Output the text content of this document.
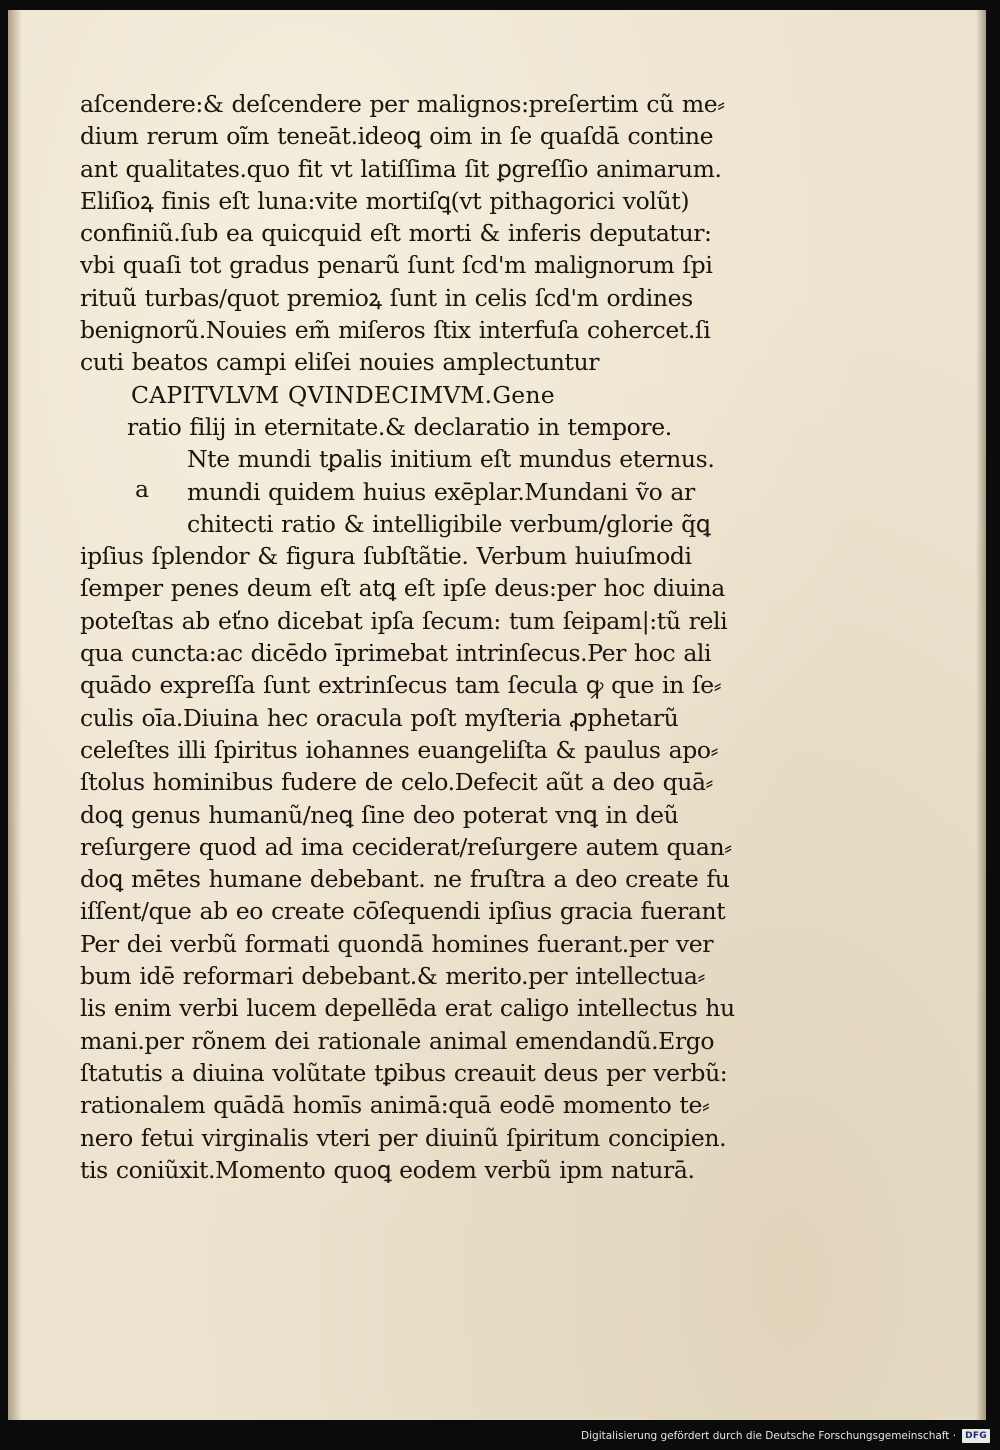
aſcendere:& deſcendere per malignos:preſertim cũ me⸗
dium rerum oĩm teneāt.ideoꝗ oim in ſe quaſdā contine
ant qualitates.quo fit vt latiſſima ſit ꝑgreſſio animarum.
Eliſioꝝ finis eſt luna:vite mortiſꝗ(vt pithagorici volũt)
confiniũ.ſub ea quicquid eſt morti & inferis deputatur:
vbi quaſi tot gradus penarũ ſunt ſcd'm malignorum ſpi
rituũ turbas/quot premioꝝ ſunt in celis ſcd'm ordines
benignorũ.Nouies em̃ miſeros ſtix interfuſa cohercet.ſi
cuti beatos campi eliſei nouies amplectuntur
CAPITVLVM QVINDECIMVM.Gene
ratio filij in eternitate.& declaratio in tempore.
Nte mundi tꝑalis initium eſt mundus eternus.
mundi quidem huius exēplar.Mundani ṽo ar
chitecti ratio & intelligibile verbum/glorie q̃ꝗ
ipſius ſplendor & figura ſubſtãtie. Verbum huiuſmodi
ſemper penes deum eſt atꝗ eſt ipſe deus:per hoc diuina
poteſtas ab eťno dicebat ipſa ſecum: tum ſeipam|:tũ reli
qua cuncta:ac dicēdo īprimebat intrinſecus.Per hoc ali
quādo expreſſa ſunt extrinſecus tam ſecula ꝙ que in ſe⸗
culis oīa.Diuina hec oracula poſt myſteria ꝓphetarũ
celeſtes illi ſpiritus iohannes euangeliſta & paulus apo⸗
ſtolus hominibus fudere de celo.Defecit aũt a deo quā⸗
doꝗ genus humanũ/neꝗ ſine deo poterat vnꝗ in deũ
reſurgere quod ad ima ceciderat/reſurgere autem quan⸗
doꝗ mētes humane debebant. ne fruſtra a deo create fu
iſſent/que ab eo create cōſequendi ipſius gracia fuerant
Per dei verbũ formati quondā homines fuerant.per ver
bum idē reformari debebant.& merito.per intellectua⸗
lis enim verbi lucem depellēda erat caligo intellectus hu
mani.per rõnem dei rationale animal emendandũ.Ergo
ſtatutis a diuina volũtate tꝑibus creauit deus per verbũ:
rationalem quādā homīs animā:quā eodē momento te⸗
nero fetui virginalis vteri per diuinũ ſpiritum concipien.
tis coniũxit.Momento quoꝗ eodem verbũ ipm naturā.
a
Digitalisierung gefördert durch die Deutsche Forschungsgemeinschaft ·	DFG
